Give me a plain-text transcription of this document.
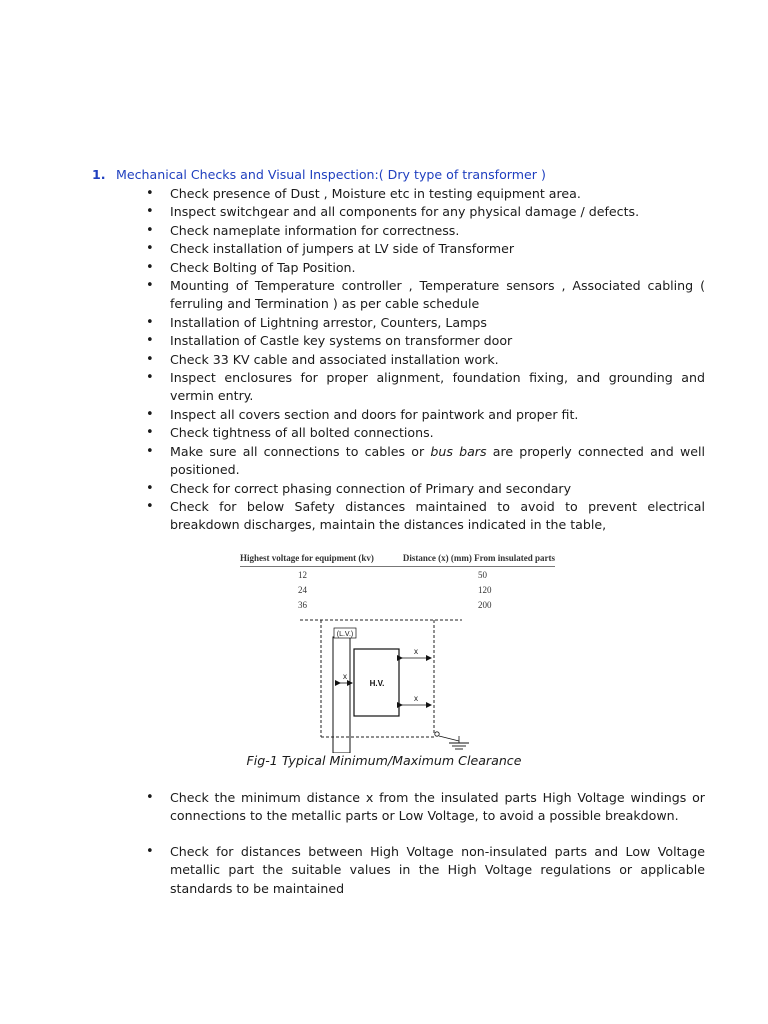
1. Mechanical Checks and Visual Inspection:( Dry type of transformer )
• Check presence of Dust , Moisture etc in testing equipment area.
• Inspect switchgear and all components for any physical damage / defects.
• Check nameplate information for correctness.
• Check installation of jumpers at LV side of Transformer
• Check Bolting of Tap Position.
• Mounting of Temperature controller , Temperature sensors , Associated cabling ( ferruling and Termination ) as per cable schedule
• Installation of Lightning arrestor, Counters, Lamps
• Installation of Castle key systems on transformer door
• Check 33 KV cable and associated installation work.
• Inspect enclosures for proper alignment, foundation fixing, and grounding and vermin entry.
• Inspect all covers section and doors for paintwork and proper fit.
• Check tightness of all bolted connections.
• Make sure all connections to cables or bus bars are properly connected and well positioned.
• Check for correct phasing connection of Primary and secondary
• Check for below Safety distances maintained to avoid to prevent electrical breakdown discharges, maintain the distances indicated in the table,
Highest voltage for equipment (kv)	Distance (x) (mm) From insulated parts
12	50
24	120
36	200
(L.V.)
H.V.
x
x
x
Fig-1 Typical Minimum/Maximum Clearance
• Check the minimum distance x from the insulated parts High Voltage windings or connections to the metallic parts or Low Voltage, to avoid a possible breakdown.
• Check for distances between High Voltage non-insulated parts and Low Voltage metallic part the suitable values in the High Voltage regulations or applicable standards to be maintained
